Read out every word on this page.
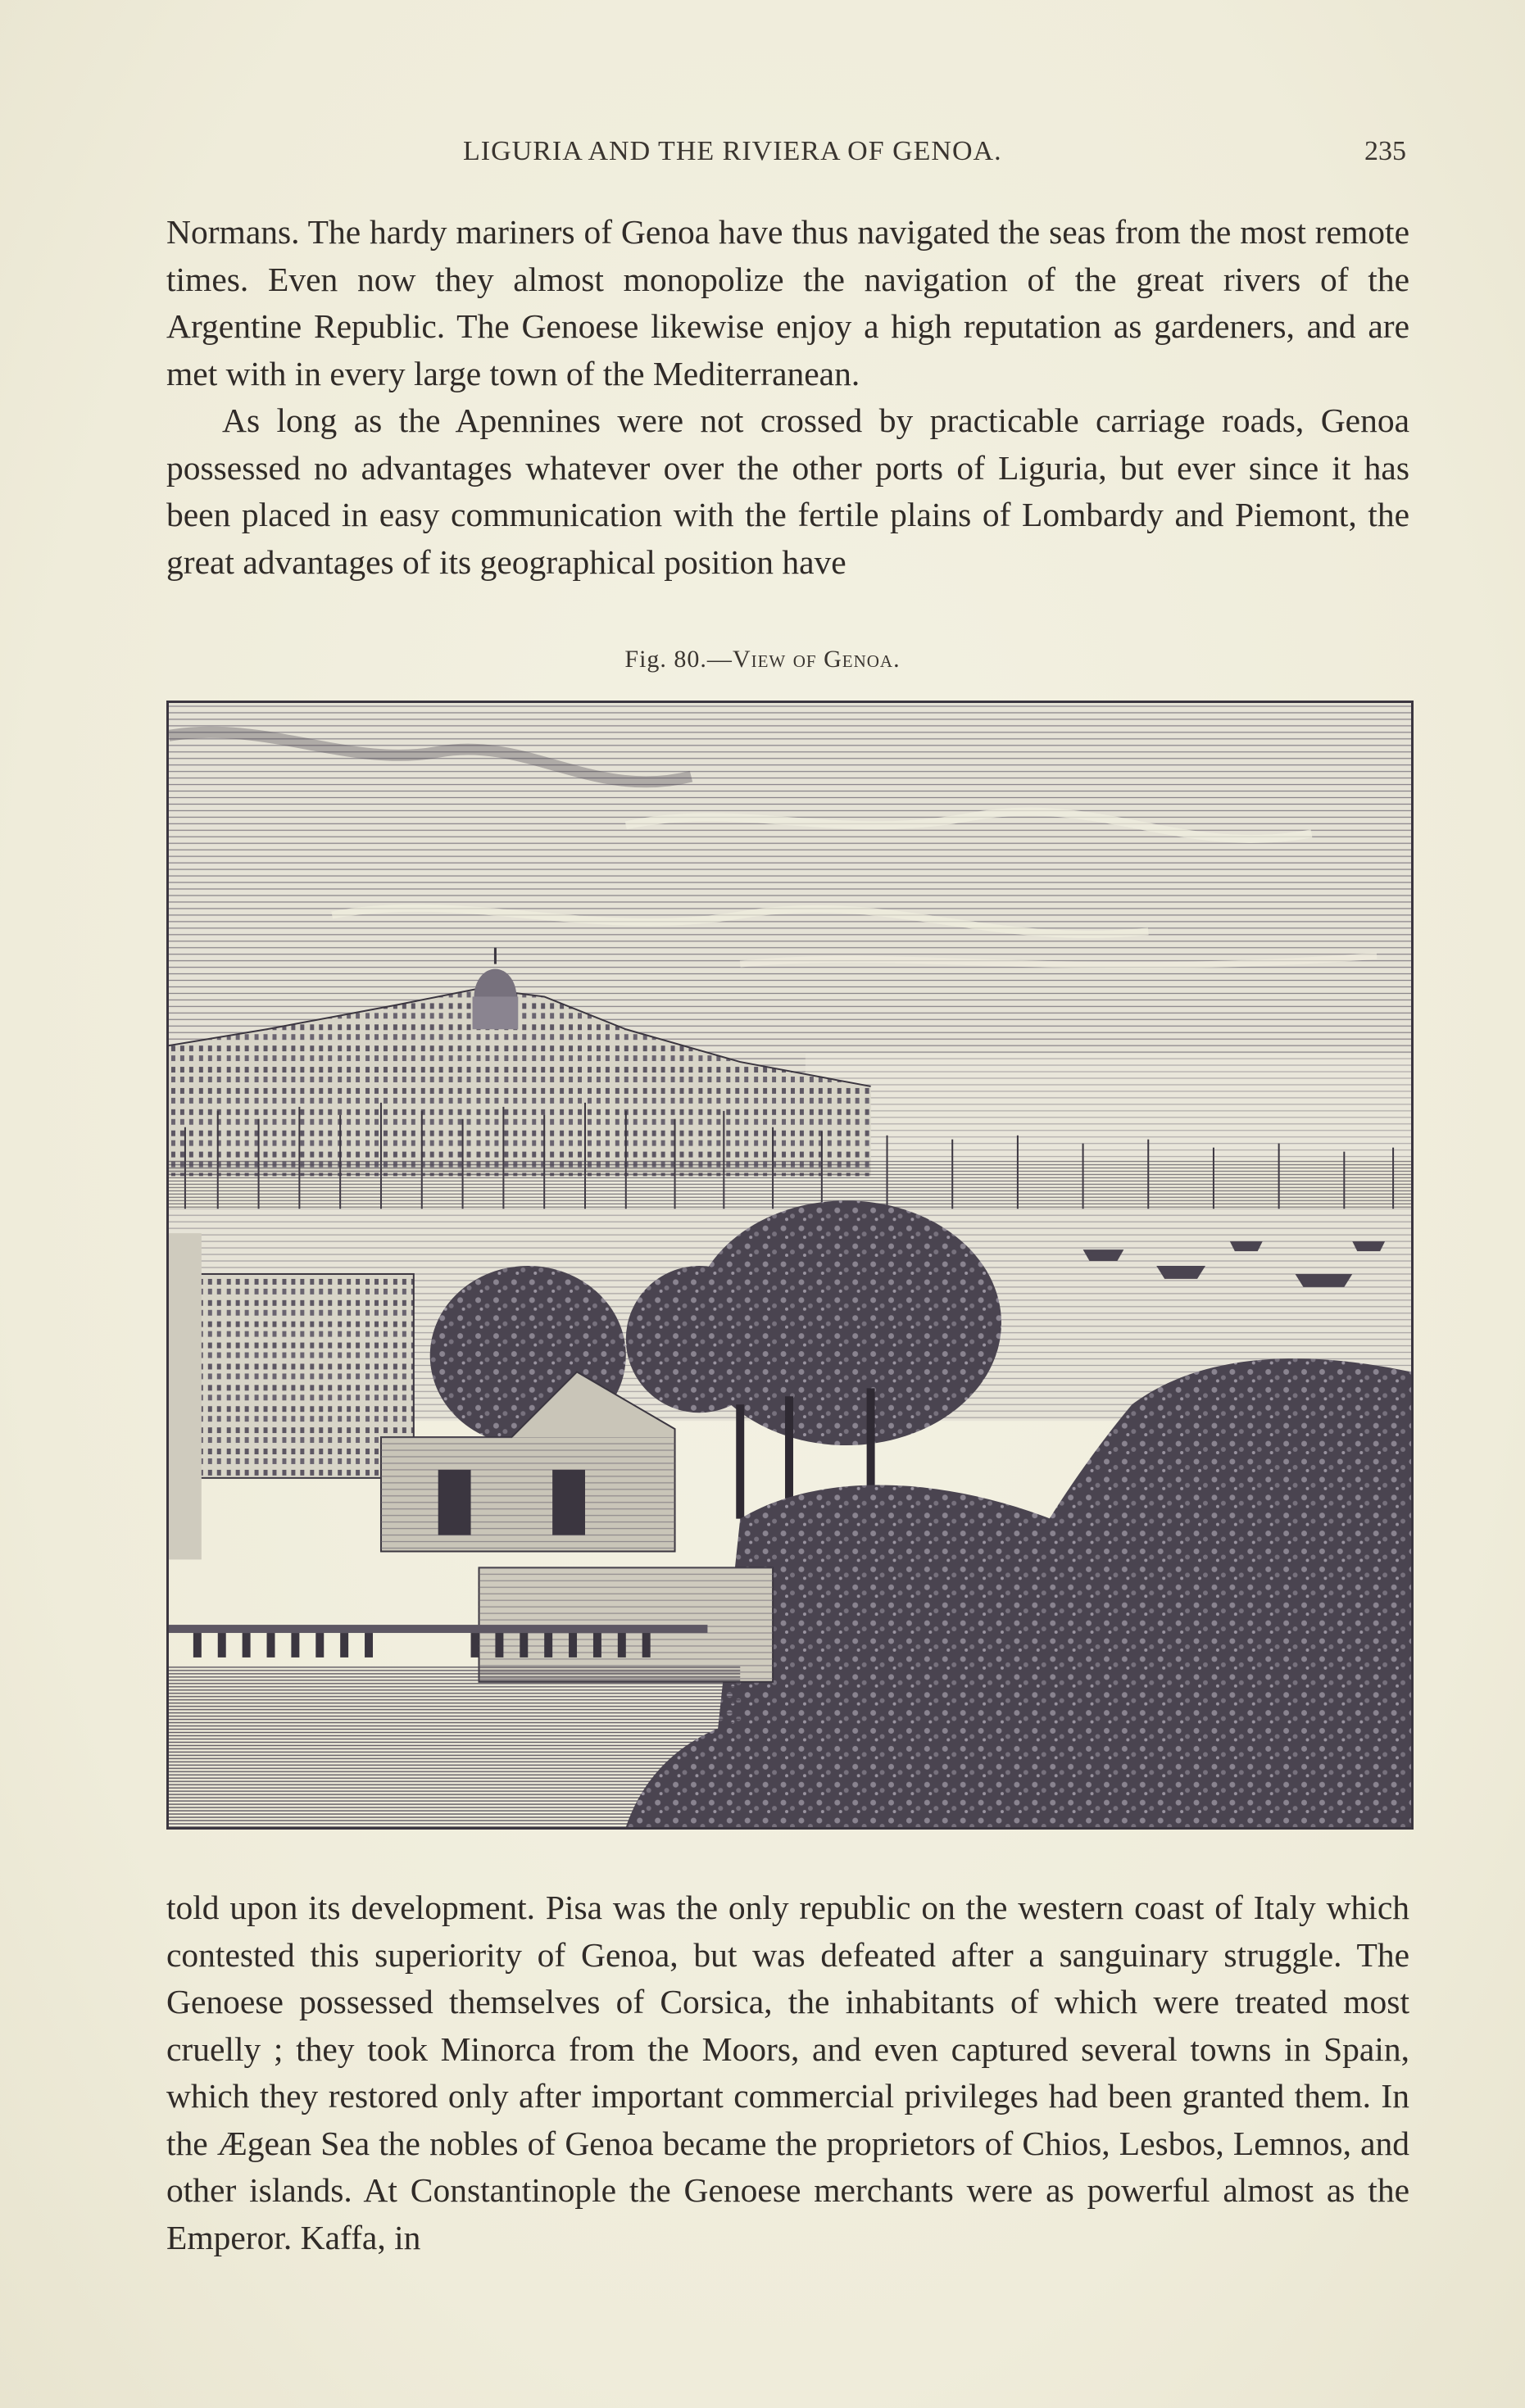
LIGURIA AND THE RIVIERA OF GENOA.	235

Normans. The hardy mariners of Genoa have thus navigated the seas from the most remote times. Even now they almost monopolize the navigation of the great rivers of the Argentine Republic. The Genoese likewise enjoy a high reputation as gardeners, and are met with in every large town of the Mediterranean.

As long as the Apennines were not crossed by practicable carriage roads, Genoa possessed no advantages whatever over the other ports of Liguria, but ever since it has been placed in easy communication with the fertile plains of Lombardy and Piemont, the great advantages of its geographical position have

Fig. 80.—View of Genoa.

told upon its development. Pisa was the only republic on the western coast of Italy which contested this superiority of Genoa, but was defeated after a sanguinary struggle. The Genoese possessed themselves of Corsica, the inhabitants of which were treated most cruelly ; they took Minorca from the Moors, and even captured several towns in Spain, which they restored only after important commercial privileges had been granted them. In the Ægean Sea the nobles of Genoa became the proprietors of Chios, Lesbos, Lemnos, and other islands. At Constantinople the Genoese merchants were as powerful almost as the Emperor. Kaffa, in
